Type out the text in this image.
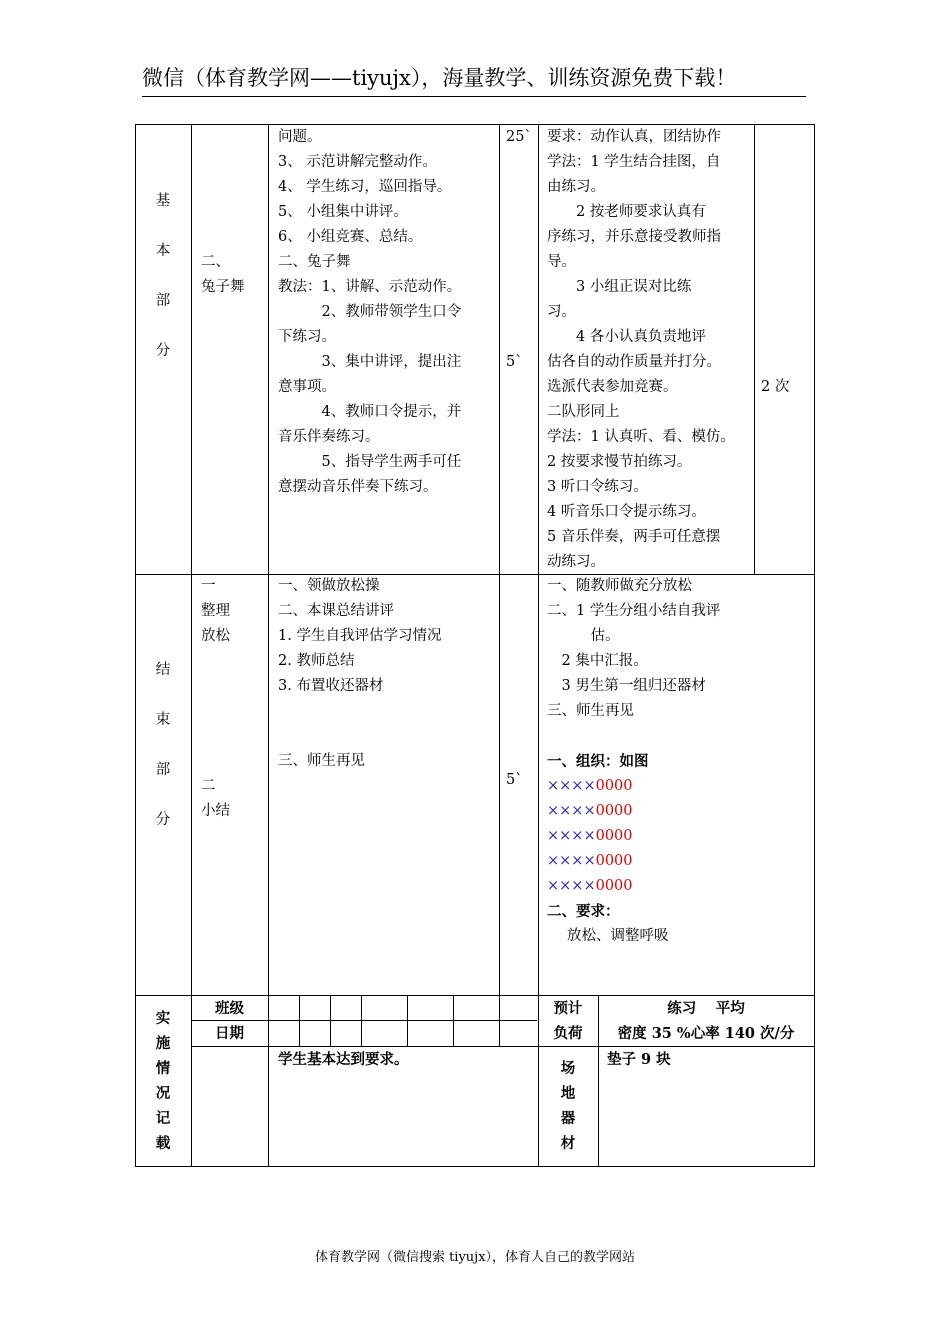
微信（体育教学网——tiyujx），海量教学、训练资源免费下载！
基
本
部
分
二、
兔子舞
问题。
3、 示范讲解完整动作。
4、 学生练习，巡回指导。
5、 小组集中讲评。
6、 小组竞赛、总结。
二、兔子舞
教法：1、讲解、示范动作。
　　　2、教师带领学生口令
下练习。
　　　3、集中讲评，提出注
意事项。
　　　4、教师口令提示，并
音乐伴奏练习。
　　　5、指导学生两手可任
意摆动音乐伴奏下练习。
25`
5`
要求：动作认真，团结协作
学法：1 学生结合挂图，自
由练习。
　　2 按老师要求认真有
序练习，并乐意接受教师指
导。
　　3 小组正误对比练
习。
　　4 各小认真负责地评
估各自的动作质量并打分。
选派代表参加竞赛。
二队形同上
学法：1 认真听、看、模仿。
2 按要求慢节拍练习。
3 听口令练习。
4 听音乐口令提示练习。
5 音乐伴奏，两手可任意摆
动练习。
2 次
结
束
部
分
一
整理
放松
二
小结
一、领做放松操
二、本课总结讲评
1. 学生自我评估学习情况
2. 教师总结
3. 布置收还器材
三、师生再见
5`
一、随教师做充分放松
二、1 学生分组小结自我评
　　　估。
　2 集中汇报。
　3 男生第一组归还器材
三、师生再见

一、组织：如图
××××0000
××××0000
××××0000
××××0000
××××0000
二、要求：
放松、调整呼吸
实
施
情
况
记
载
班级
日期
预计
负荷
练习　 平均
密度 35 %心率 140 次/分
学生基本达到要求。
场
地
器
材
垫子 9 块
体育教学网（微信搜索 tiyujx），体育人自己的教学网站
